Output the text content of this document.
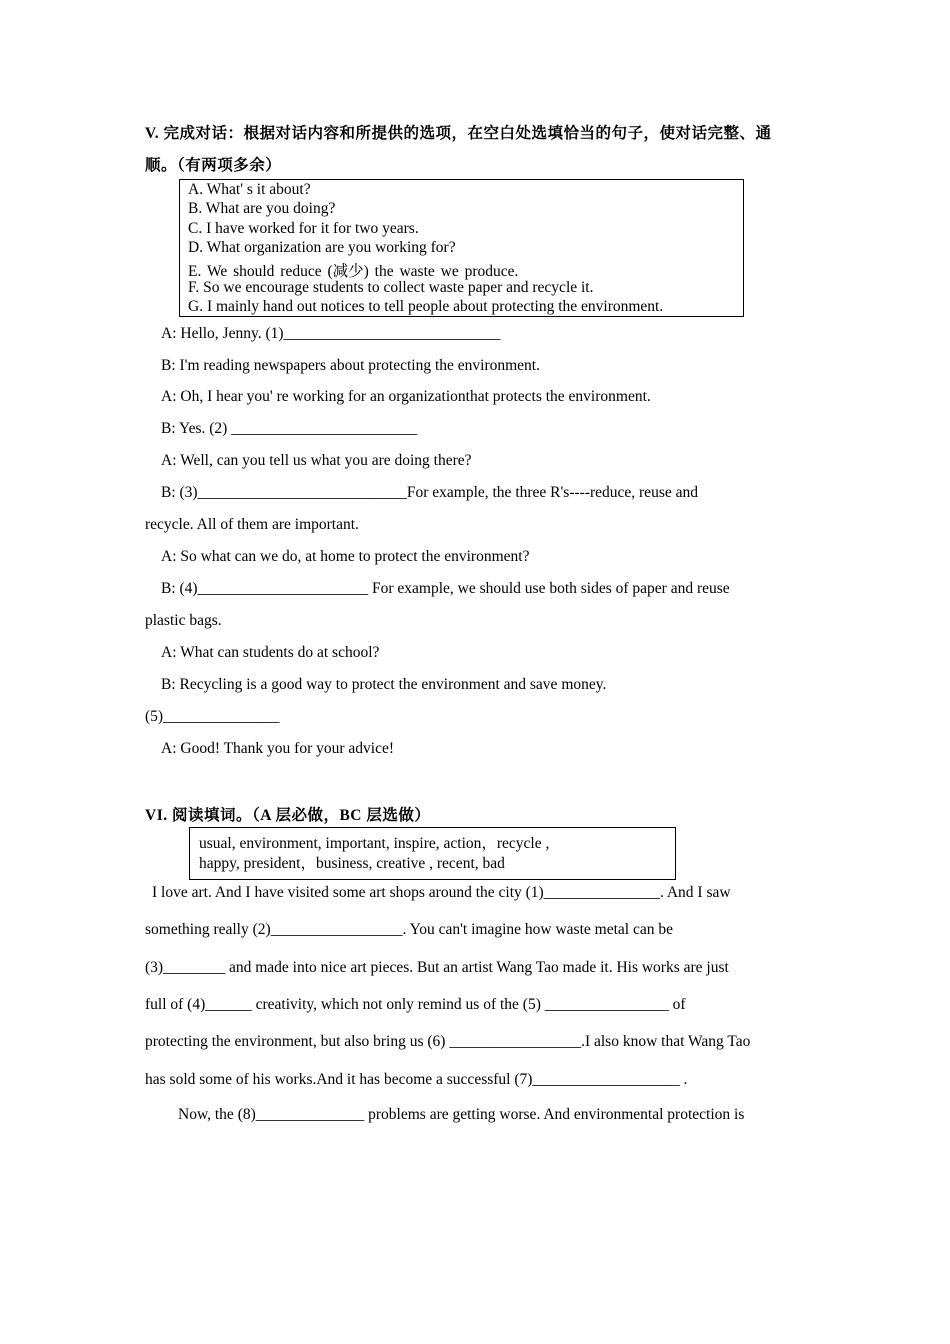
V. 完成对话：根据对话内容和所提供的选项，在空白处选填恰当的句子，使对话完整、通
顺。（有两项多余）
A. What' s it about?
B. What are you doing?
C. I have worked for it for two years.
D. What organization are you working for?
E. We should reduce (减少) the waste we produce.
F. So we encourage students to collect waste paper and recycle it.
G. I mainly hand out notices to tell people about protecting the environment.
A: Hello, Jenny. (1)____________________________
B: I'm reading newspapers about protecting the environment.
A: Oh, I hear you' re working for an organizationthat protects the environment.
B: Yes. (2) ________________________
A: Well, can you tell us what you are doing there?
B: (3)___________________________For example, the three R's----reduce, reuse and
recycle. All of them are important.
A: So what can we do, at home to protect the environment?
B: (4)______________________ For example, we should use both sides of paper and reuse
plastic bags.
A: What can students do at school?
B: Recycling is a good way to protect the environment and save money.
(5)_______________
A: Good! Thank you for your advice!
VI. 阅读填词。（A 层必做，BC 层选做）
usual, environment, important, inspire, action，recycle ,
happy, president，business, creative , recent, bad
I love art. And I have visited some art shops around the city (1)_______________. And I saw
something really (2)_________________. You can't imagine how waste metal can be
(3)________ and made into nice art pieces. But an artist Wang Tao made it. His works are just
full of (4)______ creativity, which not only remind us of the (5) ________________ of
protecting the environment, but also bring us (6) _________________.I also know that Wang Tao
has sold some of his works.And it has become a successful (7)___________________ .
Now, the (8)______________ problems are getting worse. And environmental protection is
